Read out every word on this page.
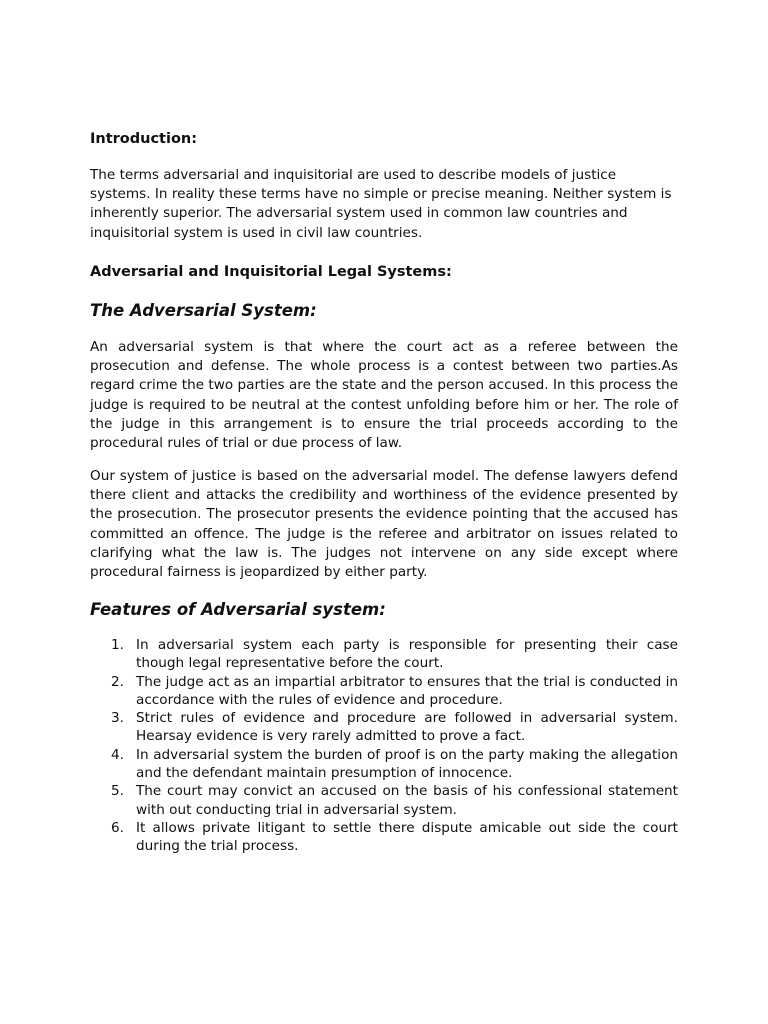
Introduction:

The terms adversarial and inquisitorial are used to describe models of justice systems. In reality these terms have no simple or precise meaning. Neither system is inherently superior. The adversarial system used in common law countries and inquisitorial system is used in civil law countries.

Adversarial and Inquisitorial Legal Systems:
The Adversarial System:

An adversarial system is that where the court act as a referee between the prosecution and defense. The whole process is a contest between two parties.As regard crime the two parties are the state and the person accused. In this process the judge is required to be neutral at the contest unfolding before him or her. The role of the judge in this arrangement is to ensure the trial proceeds according to the procedural rules of trial or due process of law.

Our system of justice is based on the adversarial model. The defense lawyers defend there client and attacks the credibility and worthiness of the evidence presented by the prosecution. The prosecutor presents the evidence pointing that the accused has committed an offence. The judge is the referee and arbitrator on issues related to clarifying what the law is. The judges not intervene on any side except where procedural fairness is jeopardized by either party.

Features of Adversarial system:
1. In adversarial system each party is responsible for presenting their case though legal representative before the court.
2. The judge act as an impartial arbitrator to ensures that the trial is conducted in accordance with the rules of evidence and procedure.
3. Strict rules of evidence and procedure are followed in adversarial system. Hearsay evidence is very rarely admitted to prove a fact.
4. In adversarial system the burden of proof is on the party making the allegation and the defendant maintain presumption of innocence.
5. The court may convict an accused on the basis of his confessional statement with out conducting trial in adversarial system.
6. It allows private litigant to settle there dispute amicable out side the court during the trial process.
